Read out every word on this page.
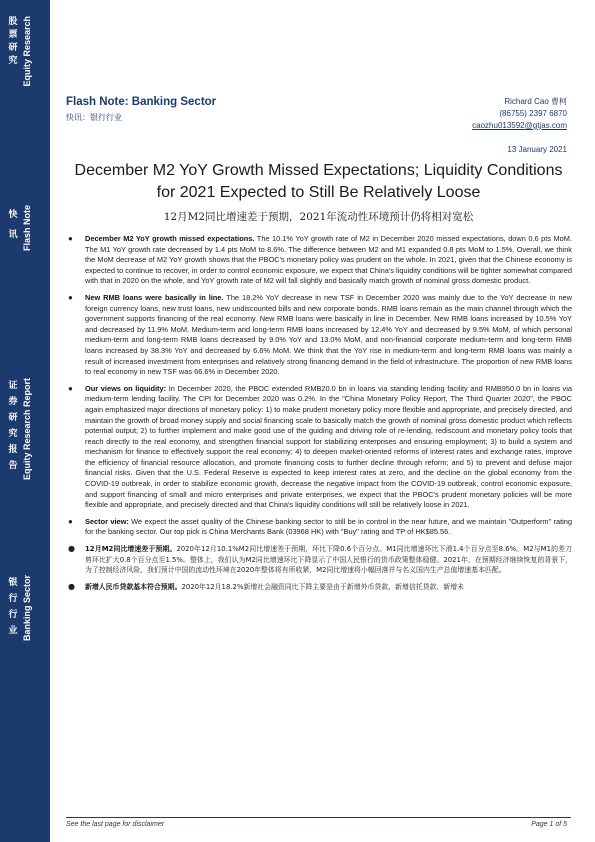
股票研究 Equity Research
快讯 Flash Note
证券研究报告 Equity Research Report
银行行业 Banking Sector
Flash Note: Banking Sector
快讯：银行行业
Richard Cao 曹柯
(86755) 2397 6870
caozhu013592@gtjas.com
13 January 2021
December M2 YoY Growth Missed Expectations; Liquidity Conditions for 2021 Expected to Still Be Relatively Loose
12月M2同比增速差于预期，2021年流动性环境预计仍将相对宽松
● December M2 YoY growth missed expectations. The 10.1% YoY growth rate of M2 in December 2020 missed expectations, down 0.6 pts MoM. The M1 YoY growth rate decreased by 1.4 pts MoM to 8.6%. The difference between M2 and M1 expanded 0.8 pts MoM to 1.5%. Overall, we think the MoM decrease of M2 YoY growth shows that the PBOC's monetary policy was prudent on the whole. In 2021, given that the Chinese economy is expected to continue to recover, in order to control economic exposure, we expect that China's liquidity conditions will be tighter somewhat compared with that in 2020 on the whole, and YoY growth rate of M2 will fall slightly and basically match growth of nominal gross domestic product.
● New RMB loans were basically in line. The 18.2% YoY decrease in new TSF in December 2020 was mainly due to the YoY decrease in new foreign currency loans, new trust loans, new undiscounted bills and new corporate bonds. RMB loans remain as the main channel through which the government supports financing of the real economy. New RMB loans were basically in line in December. New RMB loans increased by 10.5% YoY and decreased by 11.9% MoM. Medium-term and long-term RMB loans increased by 12.4% YoY and decreased by 9.5% MoM, of which personal medium-term and long-term RMB loans decreased by 9.0% YoY and 13.0% MoM, and non-financial corporate medium-term and long-term RMB loans increased by 38.3% YoY and decreased by 6.6% MoM. We think that the YoY rise in medium-term and long-term RMB loans was mainly a result of increased investment from enterprises and relatively strong financing demand in the field of infrastructure. The proportion of new RMB loans to real economy in new TSF was 66.6% in December 2020.
● Our views on liquidity: In December 2020, the PBOC extended RMB20.0 bn in loans via standing lending facility and RMB950.0 bn in loans via medium-term lending facility. The CPI for December 2020 was 0.2%. In the "China Monetary Policy Report, The Third Quarter 2020", the PBOC again emphasized major directions of monetary policy: 1) to make prudent monetary policy more flexible and appropriate, and precisely directed, and maintain the growth of broad money supply and social financing scale to basically match the growth of nominal gross domestic product which reflects potential output; 2) to further implement and make good use of the guiding and driving role of re-lending, rediscount and monetary policy tools that reach directly to the real economy, and strengthen financial support for stabilizing enterprises and ensuring employment; 3) to build a system and mechanism for finance to effectively support the real economy; 4) to deepen market-oriented reforms of interest rates and exchange rates, improve the efficiency of financial resource allocation, and promote financing costs to further decline through reform; and 5) to prevent and defuse major financial risks. Given that the U.S. Federal Reserve is expected to keep interest rates at zero, and the decline on the global economy from the COVID-19 outbreak, in order to stabilize economic growth, decrease the negative impact from the COVID-19 outbreak, control economic exposure, and support financing of small and micro enterprises and private enterprises, we expect that the PBOC's prudent monetary policies will be more flexible and appropriate, and precisely directed and that China's liquidity conditions will still be relatively loose in 2021.
● Sector view: We expect the asset quality of the Chinese banking sector to still be in control in the near future, and we maintain "Outperform" rating for the banking sector. Our top pick is China Merchants Bank (03968 HK) with "Buy" rating and TP of HK$85.56.
● 12月M2同比增速差于预期。2020年12月10.1%M2同比增速差于预期，环比下降0.6个百分点。M1同比增速环比下滑1.4个百分点至8.6%。M2与M1的差刀剪环比扩大0.8个百分点至1.5%。整体上，我们认为M2同比增速环比下降显示了中国人民银行的货币政策整体稳健。2021年，在预期经济继续恢复的背景下，为了控制经济风险，我们预计中国的流动性环境在2020年整体将有所收紧，M2同比增速将小幅回落并与名义国内生产总值增速基本匹配。
● 新增人民币贷款基本符合预期。2020年12月18.2%新增社会融资同比下降主要是由于新增外币贷款、新增信托贷款、新增未
See the last page for disclaimer	Page 1 of 5
